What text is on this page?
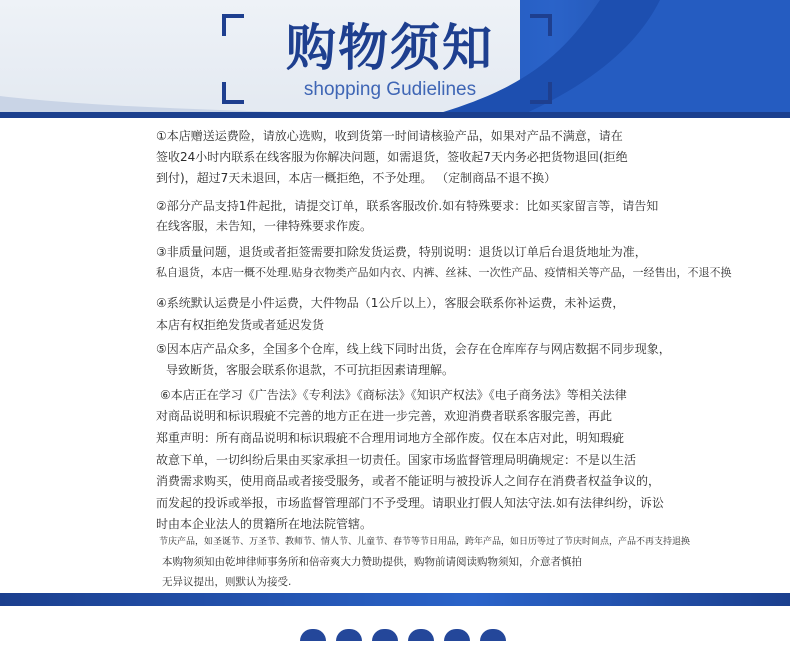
购物须知
shopping Gudielines
①本店赠送运费险，请放心选购，收到货第一时间请核验产品，如果对产品不满意，请在
签收24小时内联系在线客服为你解决问题，如需退货，签收起7天内务必把货物退回(拒绝
到付)，超过7天未退回，本店一概拒绝，不予处理。 （定制商品不退不换）
②部分产品支持1件起批，请提交订单，联系客服改价.如有特殊要求：比如买家留言等，请告知
在线客服，未告知，一律特殊要求作废。
③非质量问题，退货或者拒签需要扣除发货运费，特别说明：退货以订单后台退货地址为准，
私自退货，本店一概不处理.贴身衣物类产品如内衣、内裤、丝袜、一次性产品、疫情相关等产品，一经售出，不退不换
④系统默认运费是小件运费，大件物品（1公斤以上），客服会联系你补运费，未补运费，
本店有权拒绝发货或者延迟发货
⑤因本店产品众多，全国多个仓库，线上线下同时出货，会存在仓库库存与网店数据不同步现象，
导致断货，客服会联系你退款，不可抗拒因素请理解。
⑥本店正在学习《广告法》《专利法》《商标法》《知识产权法》《电子商务法》等相关法律
对商品说明和标识瑕疵不完善的地方正在进一步完善，欢迎消费者联系客服完善，再此
郑重声明：所有商品说明和标识瑕疵不合理用词地方全部作废。仅在本店对此，明知瑕疵
故意下单，一切纠纷后果由买家承担一切责任。国家市场监督管理局明确规定：不是以生活
消费需求购买，使用商品或者接受服务，或者不能证明与被投诉人之间存在消费者权益争议的，
而发起的投诉或举报，市场监督管理部门不予受理。请职业打假人知法守法.如有法律纠纷，诉讼
时由本企业法人的贯籍所在地法院管辖。
节庆产品，如圣诞节、万圣节、教师节、情人节、儿童节、春节等节日用品，跨年产品，如日历等过了节庆时间点，产品不再支持退换
本购物须知由乾坤律师事务所和倍帝爽大力赞助提供，购物前请阅读购物须知，介意者慎拍
无异议提出，则默认为接受.
